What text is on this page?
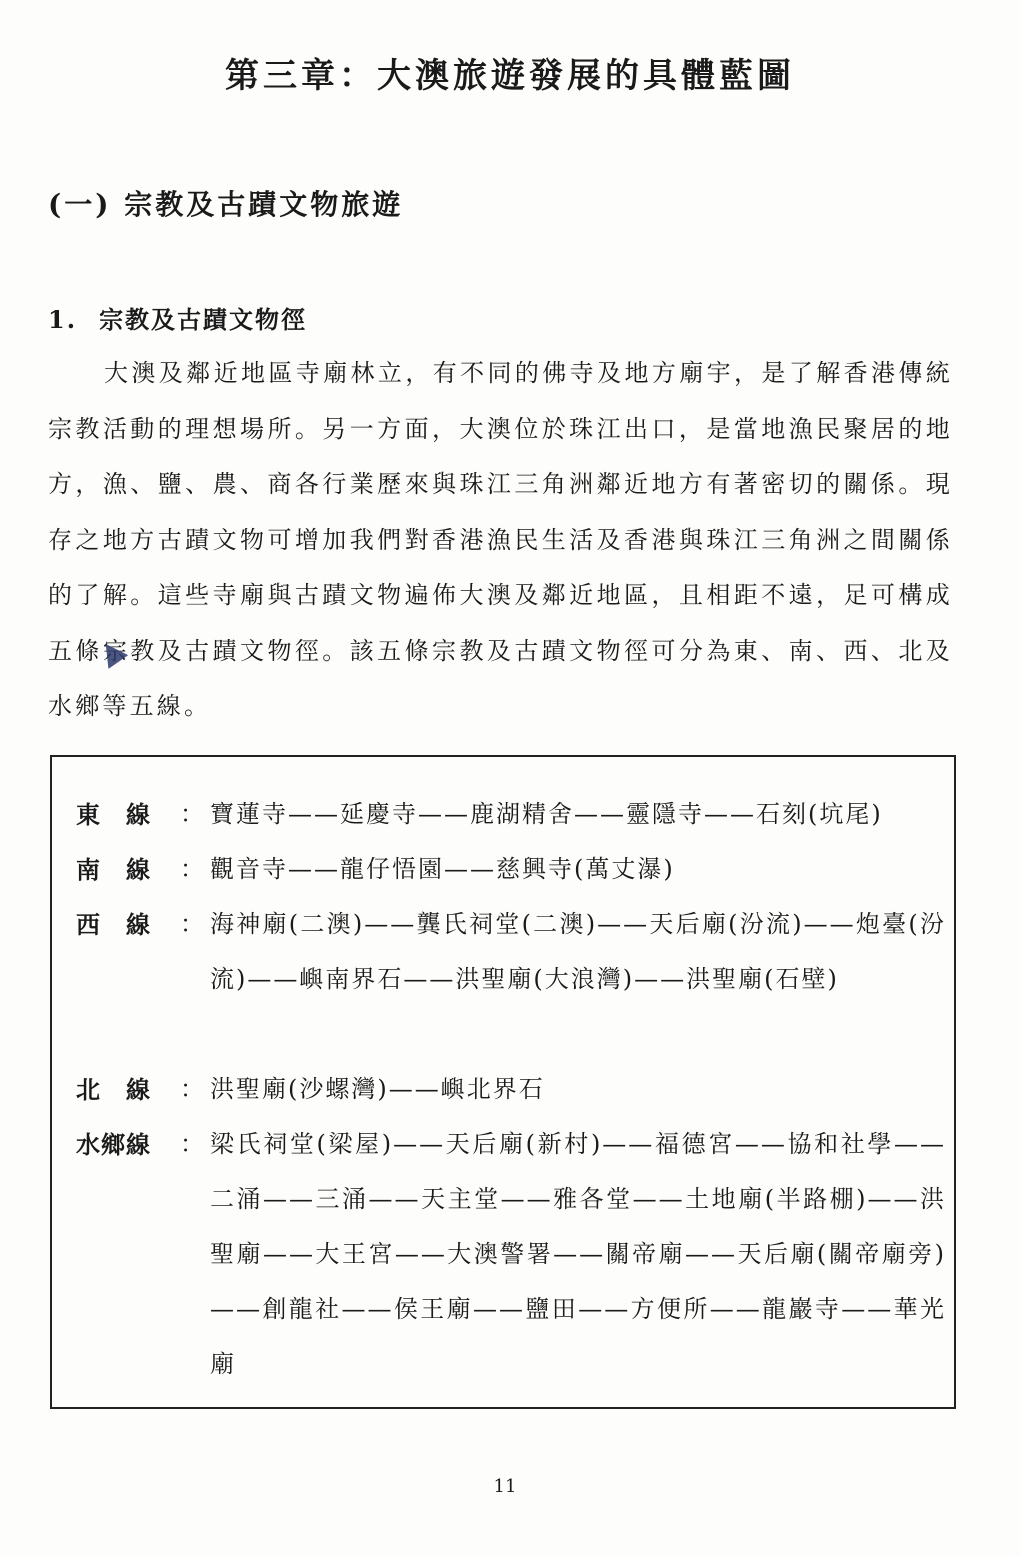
第三章：大澳旅遊發展的具體藍圖
(一) 宗教及古蹟文物旅遊
1. 宗教及古蹟文物徑
大澳及鄰近地區寺廟林立，有不同的佛寺及地方廟宇，是了解香港傳統宗教活動的理想場所。另一方面，大澳位於珠江出口，是當地漁民聚居的地方，漁、鹽、農、商各行業歷來與珠江三角洲鄰近地方有著密切的關係。現存之地方古蹟文物可增加我們對香港漁民生活及香港與珠江三角洲之間關係的了解。這些寺廟與古蹟文物遍佈大澳及鄰近地區，且相距不遠，足可構成五條宗教及古蹟文物徑。該五條宗教及古蹟文物徑可分為東、南、西、北及水鄉等五線。
東　線	： 寶蓮寺——延慶寺——鹿湖精舍——靈隱寺——石刻(坑尾)
南　線	： 觀音寺——龍仔悟園——慈興寺(萬丈瀑)
西　線	： 海神廟(二澳)——龔氏祠堂(二澳)——天后廟(汾流)——炮臺(汾流)——嶼南界石——洪聖廟(大浪灣)——洪聖廟(石壁)
北　線	： 洪聖廟(沙螺灣)——嶼北界石
水鄉線	： 梁氏祠堂(梁屋)——天后廟(新村)——福德宮——協和社學——二涌——三涌——天主堂——雅各堂——土地廟(半路棚)——洪聖廟——大王宮——大澳警署——關帝廟——天后廟(關帝廟旁)——創龍社——侯王廟——鹽田——方便所——龍巖寺——華光廟
11
